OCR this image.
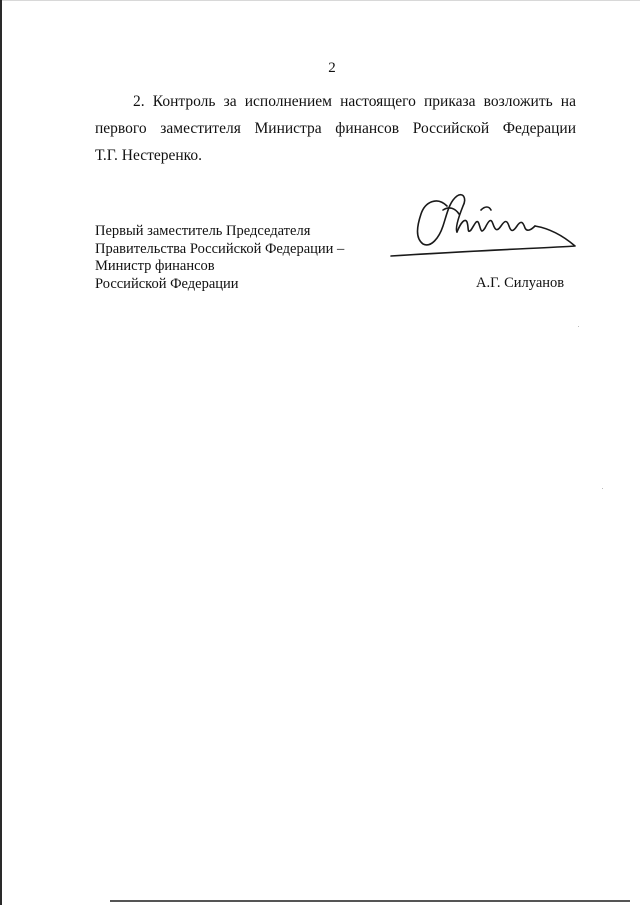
2
2. Контроль за исполнением настоящего приказа возложить на
первого заместителя Министра финансов Российской Федерации
Т.Г. Нестеренко.
Первый заместитель Председателя
Правительства Российской Федерации –
Министр финансов
Российской Федерации	А.Г. Силуанов
